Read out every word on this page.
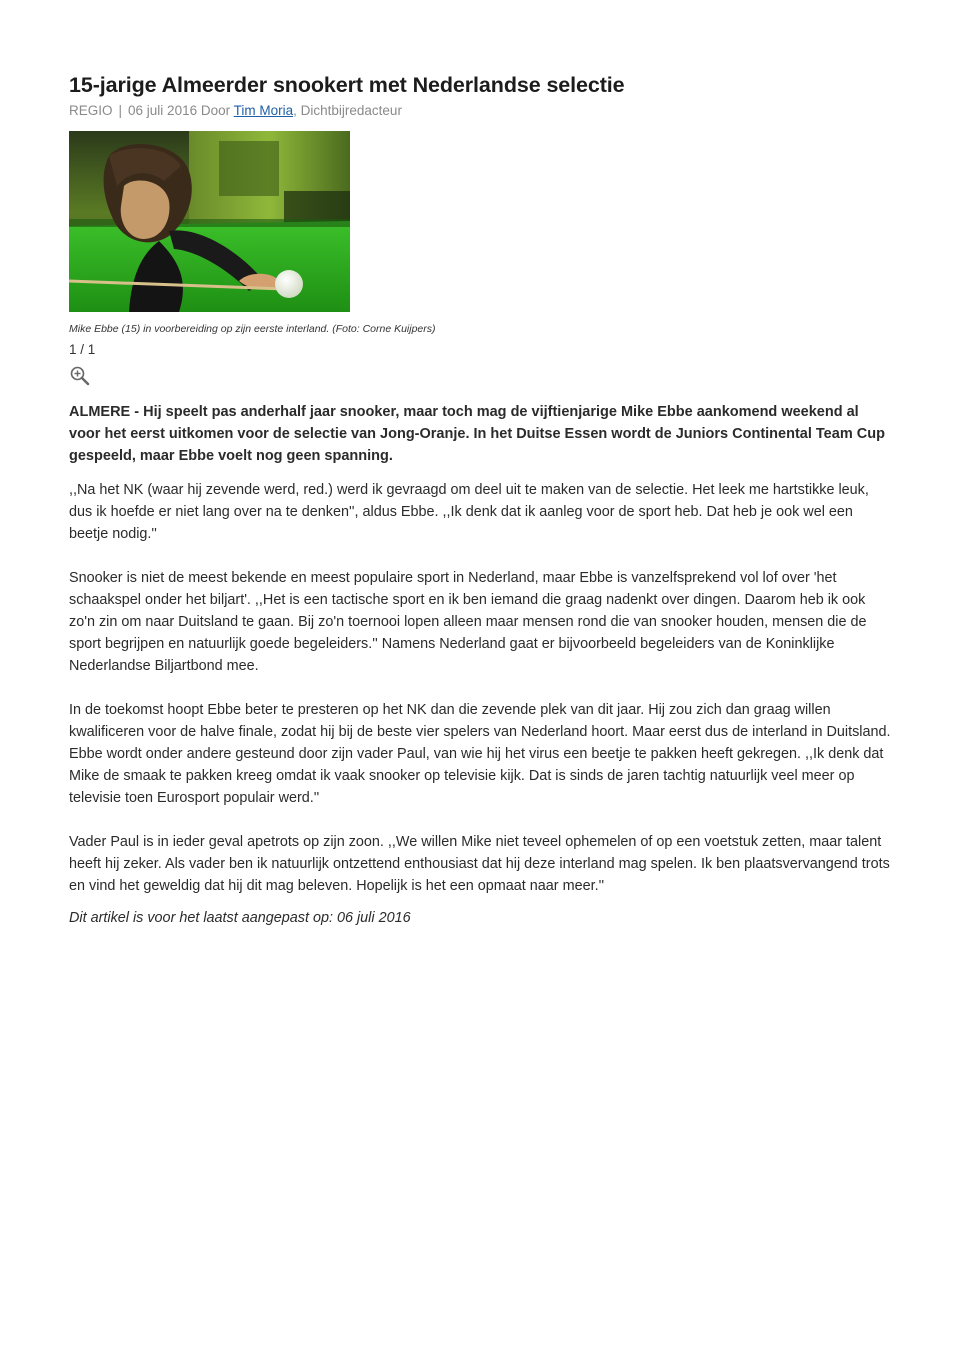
15-jarige Almeerder snookert met Nederlandse selectie
REGIO | 06 juli 2016 Door Tim Moria, Dichtbijredacteur
Mike Ebbe (15) in voorbereiding op zijn eerste interland. (Foto: Corne Kuijpers)
1 / 1
ALMERE - Hij speelt pas anderhalf jaar snooker, maar toch mag de vijftienjarige Mike Ebbe aankomend weekend al voor het eerst uitkomen voor de selectie van Jong-Oranje. In het Duitse Essen wordt de Juniors Continental Team Cup gespeeld, maar Ebbe voelt nog geen spanning.

,,Na het NK (waar hij zevende werd, red.) werd ik gevraagd om deel uit te maken van de selectie. Het leek me hartstikke leuk, dus ik hoefde er niet lang over na te denken'', aldus Ebbe. ,,Ik denk dat ik aanleg voor de sport heb. Dat heb je ook wel een beetje nodig.''

Snooker is niet de meest bekende en meest populaire sport in Nederland, maar Ebbe is vanzelfsprekend vol lof over 'het schaakspel onder het biljart'. ,,Het is een tactische sport en ik ben iemand die graag nadenkt over dingen. Daarom heb ik ook zo'n zin om naar Duitsland te gaan. Bij zo'n toernooi lopen alleen maar mensen rond die van snooker houden, mensen die de sport begrijpen en natuurlijk goede begeleiders.'' Namens Nederland gaat er bijvoorbeeld begeleiders van de Koninklijke Nederlandse Biljartbond mee.

In de toekomst hoopt Ebbe beter te presteren op het NK dan die zevende plek van dit jaar. Hij zou zich dan graag willen kwalificeren voor de halve finale, zodat hij bij de beste vier spelers van Nederland hoort. Maar eerst dus de interland in Duitsland. Ebbe wordt onder andere gesteund door zijn vader Paul, van wie hij het virus een beetje te pakken heeft gekregen. ,,Ik denk dat Mike de smaak te pakken kreeg omdat ik vaak snooker op televisie kijk. Dat is sinds de jaren tachtig natuurlijk veel meer op televisie toen Eurosport populair werd.''

Vader Paul is in ieder geval apetrots op zijn zoon. ,,We willen Mike niet teveel ophemelen of op een voetstuk zetten, maar talent heeft hij zeker. Als vader ben ik natuurlijk ontzettend enthousiast dat hij deze interland mag spelen. Ik ben plaatsvervangend trots en vind het geweldig dat hij dit mag beleven. Hopelijk is het een opmaat naar meer.''

Dit artikel is voor het laatst aangepast op: 06 juli 2016
